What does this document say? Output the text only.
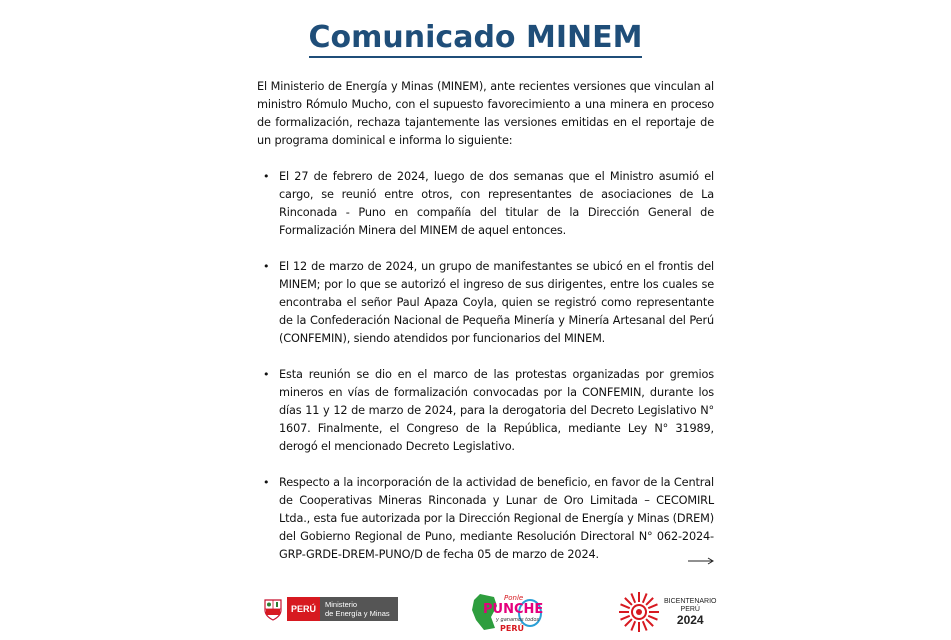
Comunicado MINEM

El Ministerio de Energía y Minas (MINEM), ante recientes versiones que vinculan al ministro Rómulo Mucho, con el supuesto favorecimiento a una minera en proceso de formalización, rechaza tajantemente las versiones emitidas en el reportaje de un programa dominical e informa lo siguiente:

• El 27 de febrero de 2024, luego de dos semanas que el Ministro asumió el cargo, se reunió entre otros, con representantes de asociaciones de La Rinconada - Puno en compañía del titular de la Dirección General de Formalización Minera del MINEM de aquel entonces.
• El 12 de marzo de 2024, un grupo de manifestantes se ubicó en el frontis del MINEM; por lo que se autorizó el ingreso de sus dirigentes, entre los cuales se encontraba el señor Paul Apaza Coyla, quien se registró como representante de la Confederación Nacional de Pequeña Minería y Minería Artesanal del Perú (CONFEMIN), siendo atendidos por funcionarios del MINEM.
• Esta reunión se dio en el marco de las protestas organizadas por gremios mineros en vías de formalización convocadas por la CONFEMIN, durante los días 11 y 12 de marzo de 2024, para la derogatoria del Decreto Legislativo N° 1607. Finalmente, el Congreso de la República, mediante Ley N° 31989, derogó el mencionado Decreto Legislativo.
• Respecto a la incorporación de la actividad de beneficio, en favor de la Central de Cooperativas Mineras Rinconada y Lunar de Oro Limitada – CECOMIRL Ltda., esta fue autorizada por la Dirección Regional de Energía y Minas (DREM) del Gobierno Regional de Puno, mediante Resolución Directoral N° 062-2024-GRP-GRDE-DREM-PUNO/D de fecha 05 de marzo de 2024.
PERÚ	Ministerio
de Energía y Minas
Ponle
PUNCHE
y ganamos todos
PERÚ
BICENTENARIO
PERÚ
2024
